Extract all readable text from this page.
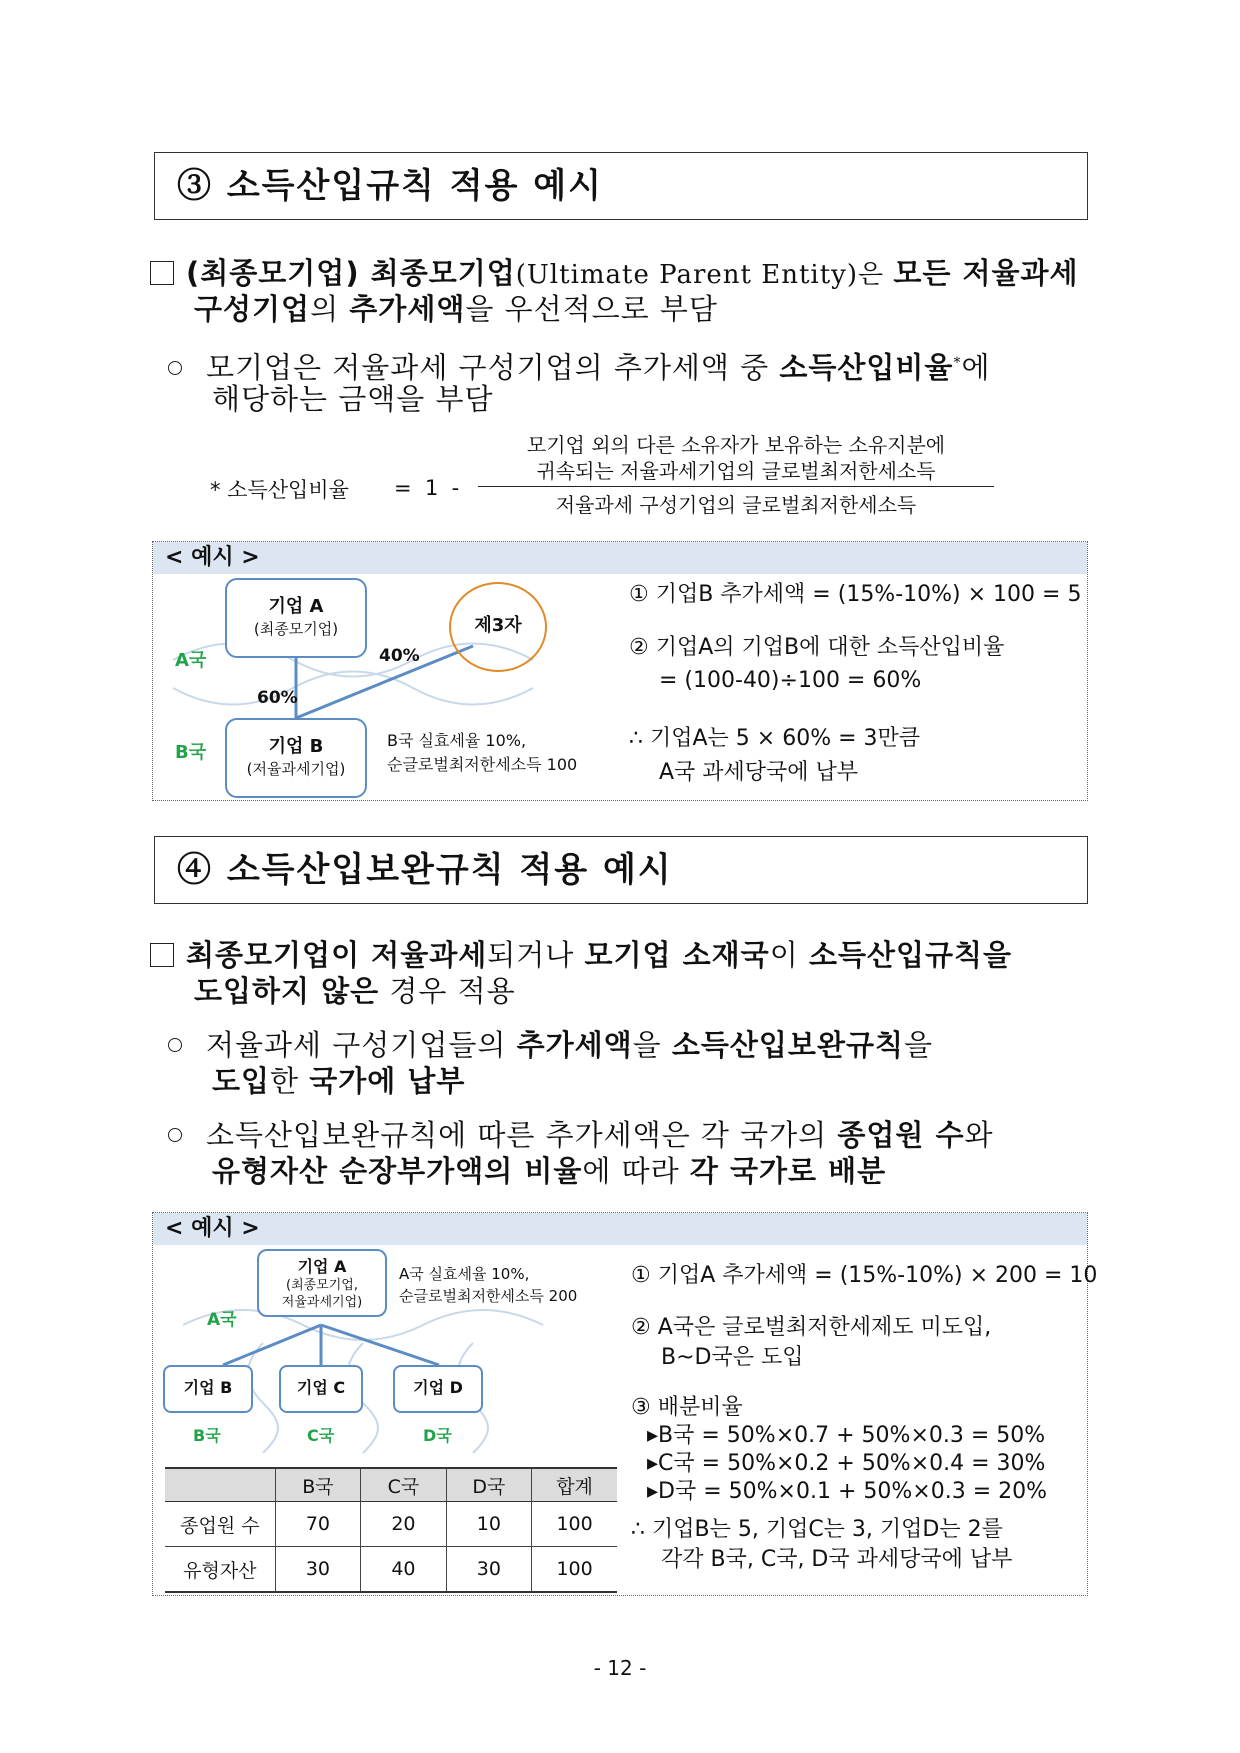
③ 소득산입규칙 적용 예시
(최종모기업) 최종모기업(Ultimate Parent Entity)은 모든 저율과세
구성기업의 추가세액을 우선적으로 부담
모기업은 저율과세 구성기업의 추가세액 중 소득산입비율*에
해당하는 금액을 부담
* 소득산입비율 =  1  -
모기업 외의 다른 소유자가 보유하는 소유지분에
귀속되는 저율과세기업의 글로벌최저한세소득
저율과세 구성기업의 글로벌최저한세소득
< 예시 >
기업 A
(최종모기업)	제3자
A국	40%
60%
B국	기업 B
(저율과세기업)
B국 실효세율 10%,
순글로벌최저한세소득 100
① 기업B 추가세액 = (15%-10%) × 100 = 5
② 기업A의 기업B에 대한 소득산입비율
= (100-40)÷100 = 60%
∴ 기업A는 5 × 60% = 3만큼
A국 과세당국에 납부
④ 소득산입보완규칙 적용 예시
최종모기업이 저율과세되거나 모기업 소재국이 소득산입규칙을
도입하지 않은 경우 적용
저율과세 구성기업들의 추가세액을 소득산입보완규칙을
도입한 국가에 납부
소득산입보완규칙에 따른 추가세액은 각 국가의 종업원 수와
유형자산 순장부가액의 비율에 따라 각 국가로 배분
< 예시 >
기업 A
(최종모기업,
저율과세기업)
A국 실효세율 10%,
순글로벌최저한세소득 200
A국
기업 B	기업 C	기업 D
B국	C국	D국
	B국	C국	D국	합계
종업원 수	70	20	10	100
유형자산	30	40	30	100
① 기업A 추가세액 = (15%-10%) × 200 = 10
② A국은 글로벌최저한세제도 미도입,
B~D국은 도입
③ 배분비율
▸B국 = 50%×0.7 + 50%×0.3 = 50%
▸C국 = 50%×0.2 + 50%×0.4 = 30%
▸D국 = 50%×0.1 + 50%×0.3 = 20%
∴ 기업B는 5, 기업C는 3, 기업D는 2를
각각 B국, C국, D국 과세당국에 납부
- 12 -
